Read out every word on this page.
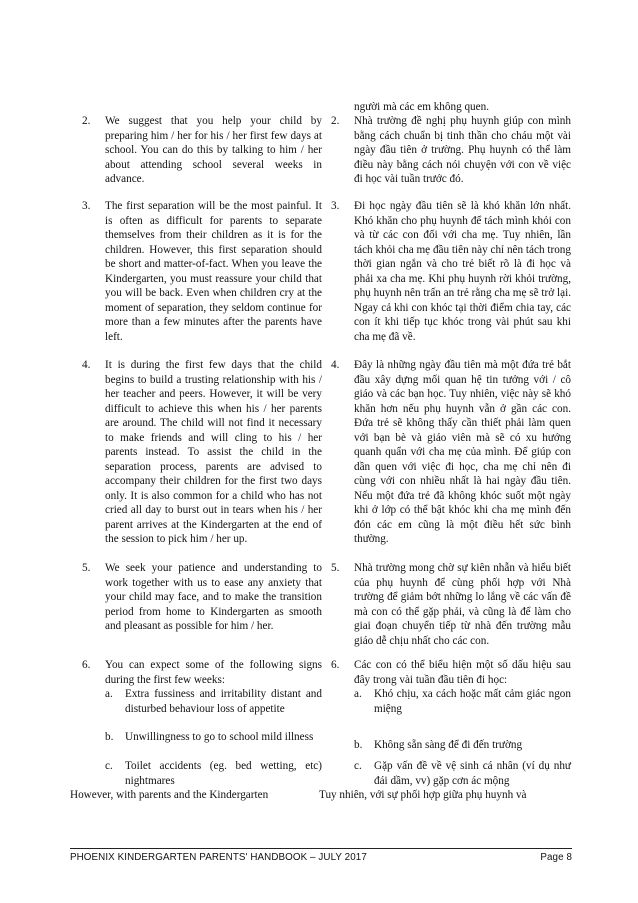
2. We suggest that you help your child by preparing him / her for his / her first few days at school. You can do this by talking to him / her about attending school several weeks in advance.
3. The first separation will be the most painful. It is often as difficult for parents to separate themselves from their children as it is for the children. However, this first separation should be short and matter-of-fact. When you leave the Kindergarten, you must reassure your child that you will be back. Even when children cry at the moment of separation, they seldom continue for more than a few minutes after the parents have left.
4. It is during the first few days that the child begins to build a trusting relationship with his / her teacher and peers. However, it will be very difficult to achieve this when his / her parents are around. The child will not find it necessary to make friends and will cling to his / her parents instead. To assist the child in the separation process, parents are advised to accompany their children for the first two days only. It is also common for a child who has not cried all day to burst out in tears when his / her parent arrives at the Kindergarten at the end of the session to pick him / her up.
5. We seek your patience and understanding to work together with us to ease any anxiety that your child may face, and to make the transition period from home to Kindergarten as smooth and pleasant as possible for him / her.
6. You can expect some of the following signs during the first few weeks:
a. Extra fussiness and irritability distant and disturbed behaviour loss of appetite
b. Unwillingness to go to school mild illness
c. Toilet accidents (eg. bed wetting, etc) nightmares
However, with parents and the Kindergarten
người mà các em không quen.
2. Nhà trường đề nghị phụ huynh giúp con mình bằng cách chuẩn bị tinh thần cho cháu một vài ngày đầu tiên ở trường. Phụ huynh có thể làm điều này bằng cách nói chuyện với con về việc đi học vài tuần trước đó.
3. Đi học ngày đầu tiên sẽ là khó khăn lớn nhất. Khó khăn cho phụ huynh để tách mình khỏi con và từ các con đối với cha mẹ. Tuy nhiên, lần tách khỏi cha mẹ đầu tiên này chỉ nên tách trong thời gian ngắn và cho trẻ biết rõ là đi học và phải xa cha mẹ. Khi phụ huynh rời khỏi trường, phụ huynh nên trấn an trẻ rằng cha mẹ sẽ trở lại. Ngay cả khi con khóc tại thời điểm chia tay, các con ít khi tiếp tục khóc trong vài phút sau khi cha mẹ đã về.
4. Đây là những ngày đầu tiên mà một đứa trẻ bắt đầu xây dựng mối quan hệ tin tưởng với / cô giáo và các bạn học. Tuy nhiên, việc này sẽ khó khăn hơn nếu phụ huynh vẫn ở gần các con. Đứa trẻ sẽ không thấy cần thiết phải làm quen với bạn bè và giáo viên mà sẽ có xu hướng quanh quẩn với cha mẹ của mình. Để giúp con dần quen với việc đi học, cha mẹ chỉ nên đi cùng với con nhiều nhất là hai ngày đầu tiên. Nếu một đứa trẻ đã không khóc suốt một ngày khi ở lớp có thể bật khóc khi cha mẹ mình đến đón các em cũng là một điều hết sức bình thường.
5. Nhà trường mong chờ sự kiên nhẫn và hiểu biết của phụ huynh để cùng phối hợp với Nhà trường để giảm bớt những lo lắng về các vấn đề mà con có thể gặp phải, và cũng là để làm cho giai đoạn chuyển tiếp từ nhà đến trường mẫu giáo dễ chịu nhất cho các con.
6. Các con có thể biểu hiện một số dấu hiệu sau đây trong vài tuần đầu tiên đi học:
a. Khó chịu, xa cách hoặc mất cảm giác ngon miệng
b. Không sẵn sàng để đi đến trường
c. Gặp vấn đề về vệ sinh cá nhân (ví dụ như đái dầm, vv) gặp cơn ác mộng
Tuy nhiên, với sự phối hợp giữa phụ huynh và
PHOENIX KINDERGARTEN PARENTS' HANDBOOK – JULY 2017	Page 8
